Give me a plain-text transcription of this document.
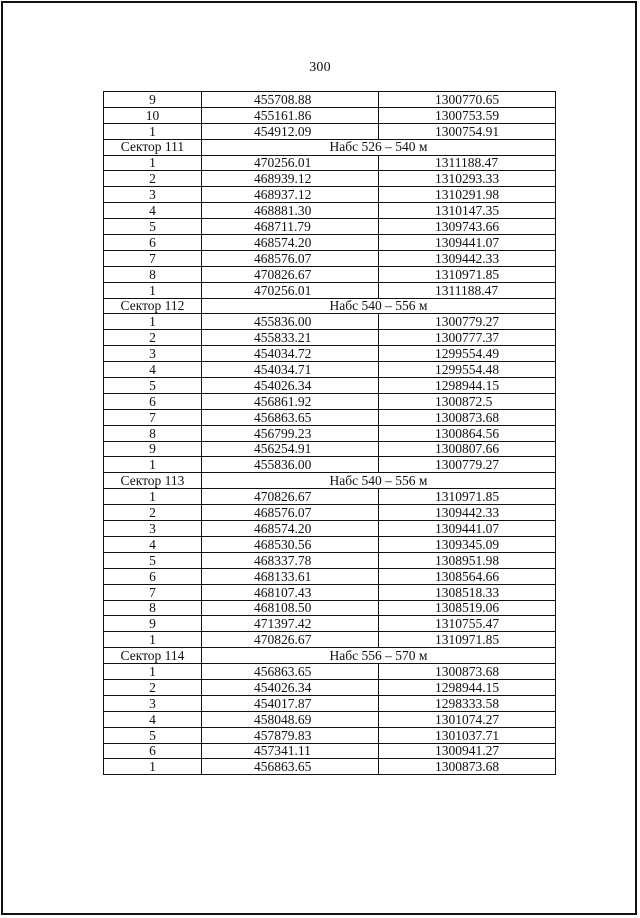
300
9	455708.88	1300770.65
10	455161.86	1300753.59
1	454912.09	1300754.91
Сектор 111	Набс 526 – 540 м	
1	470256.01	1311188.47
2	468939.12	1310293.33
3	468937.12	1310291.98
4	468881.30	1310147.35
5	468711.79	1309743.66
6	468574.20	1309441.07
7	468576.07	1309442.33
8	470826.67	1310971.85
1	470256.01	1311188.47
Сектор 112	Набс 540 – 556 м	
1	455836.00	1300779.27
2	455833.21	1300777.37
3	454034.72	1299554.49
4	454034.71	1299554.48
5	454026.34	1298944.15
6	456861.92	1300872.5
7	456863.65	1300873.68
8	456799.23	1300864.56
9	456254.91	1300807.66
1	455836.00	1300779.27
Сектор 113	Набс 540 – 556 м	
1	470826.67	1310971.85
2	468576.07	1309442.33
3	468574.20	1309441.07
4	468530.56	1309345.09
5	468337.78	1308951.98
6	468133.61	1308564.66
7	468107.43	1308518.33
8	468108.50	1308519.06
9	471397.42	1310755.47
1	470826.67	1310971.85
Сектор 114	Набс 556 – 570 м	
1	456863.65	1300873.68
2	454026.34	1298944.15
3	454017.87	1298333.58
4	458048.69	1301074.27
5	457879.83	1301037.71
6	457341.11	1300941.27
1	456863.65	1300873.68
